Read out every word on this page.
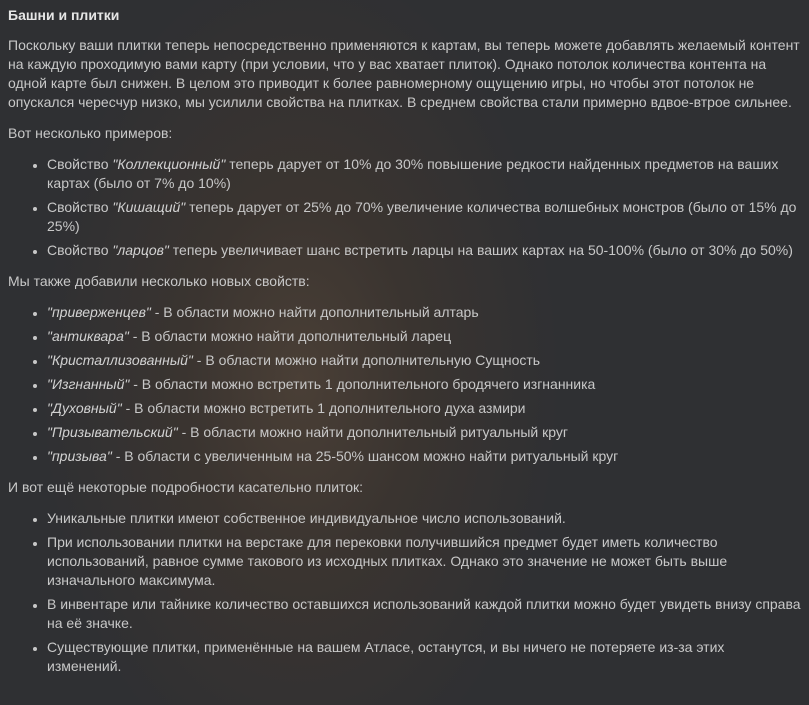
Башни и плитки

Поскольку ваши плитки теперь непосредственно применяются к картам, вы теперь можете добавлять желаемый контент на каждую проходимую вами карту (при условии, что у вас хватает плиток). Однако потолок количества контента на одной карте был снижен. В целом это приводит к более равномерному ощущению игры, но чтобы этот потолок не опускался чересчур низко, мы усилили свойства на плитках. В среднем свойства стали примерно вдвое-втрое сильнее.

Вот несколько примеров:

• Свойство "Коллекционный" теперь дарует от 10% до 30% повышение редкости найденных предметов на ваших картах (было от 7% до 10%)
• Свойство "Кишащий" теперь дарует от 25% до 70% увеличение количества волшебных монстров (было от 15% до 25%)
• Свойство "ларцов" теперь увеличивает шанс встретить ларцы на ваших картах на 50-100% (было от 30% до 50%)

Мы также добавили несколько новых свойств:

• "приверженцев" - В области можно найти дополнительный алтарь
• "антиквара" - В области можно найти дополнительный ларец
• "Кристаллизованный" - В области можно найти дополнительную Сущность
• "Изгнанный" - В области можно встретить 1 дополнительного бродячего изгнанника
• "Духовный" - В области можно встретить 1 дополнительного духа азмири
• "Призывательский" - В области можно найти дополнительный ритуальный круг
• "призыва" - В области с увеличенным на 25-50% шансом можно найти ритуальный круг

И вот ещё некоторые подробности касательно плиток:

• Уникальные плитки имеют собственное индивидуальное число использований.
• При использовании плитки на верстаке для перековки получившийся предмет будет иметь количество использований, равное сумме такового из исходных плитках. Однако это значение не может быть выше изначального максимума.
• В инвентаре или тайнике количество оставшихся использований каждой плитки можно будет увидеть внизу справа на её значке.
• Существующие плитки, применённые на вашем Атласе, останутся, и вы ничего не потеряете из-за этих изменений.
